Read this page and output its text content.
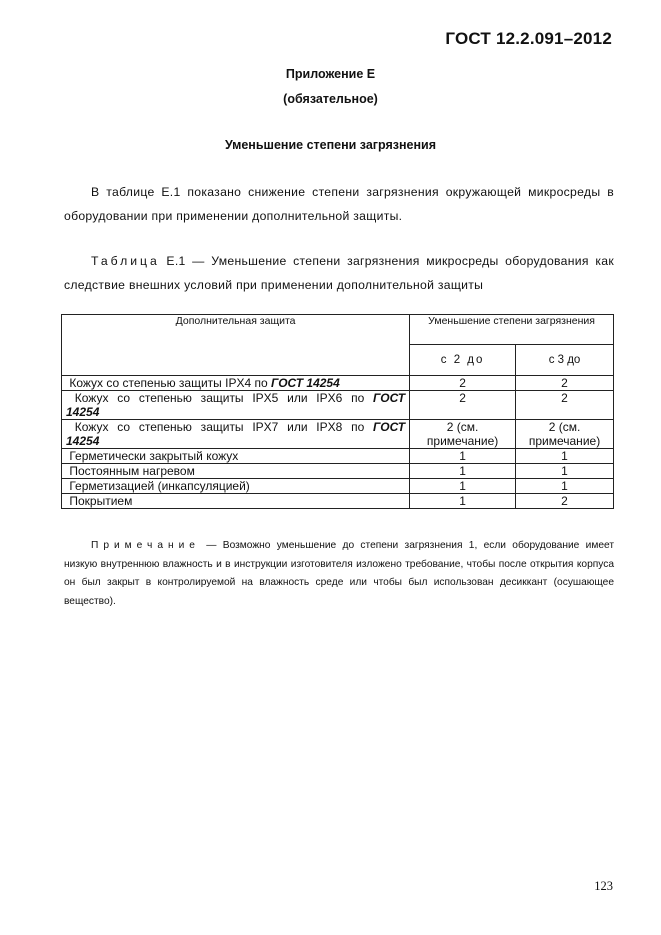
ГОСТ 12.2.091–2012
Приложение Е
(обязательное)
Уменьшение степени загрязнения
В таблице Е.1 показано снижение степени загрязнения окружающей микросреды в оборудовании при применении дополнительной защиты.
Таблица Е.1 — Уменьшение степени загрязнения микросреды оборудования как следствие внешних условий при применении дополнительной защиты
Дополнительная защита	Уменьшение степени загрязнения	
	с 2 до	с 3 до
Кожух со степенью защиты IPX4 по ГОСТ 14254	2	2
Кожух со степенью защиты IPX5 или IPX6 по ГОСТ 14254	2	2
Кожух со степенью защиты IPX7 или IPX8 по ГОСТ 14254	2 (см. примечание)	2 (см. примечание)
Герметически закрытый кожух	1	1
Постоянным нагревом	1	1
Герметизацией (инкапсуляцией)	1	1
Покрытием	1	2
Примечание — Возможно уменьшение до степени загрязнения 1, если оборудование имеет низкую внутреннюю влажность и в инструкции изготовителя изложено требование, чтобы после открытия корпуса он был закрыт в контролируемой на влажность среде или чтобы был использован десиккант (осушающее вещество).
123
